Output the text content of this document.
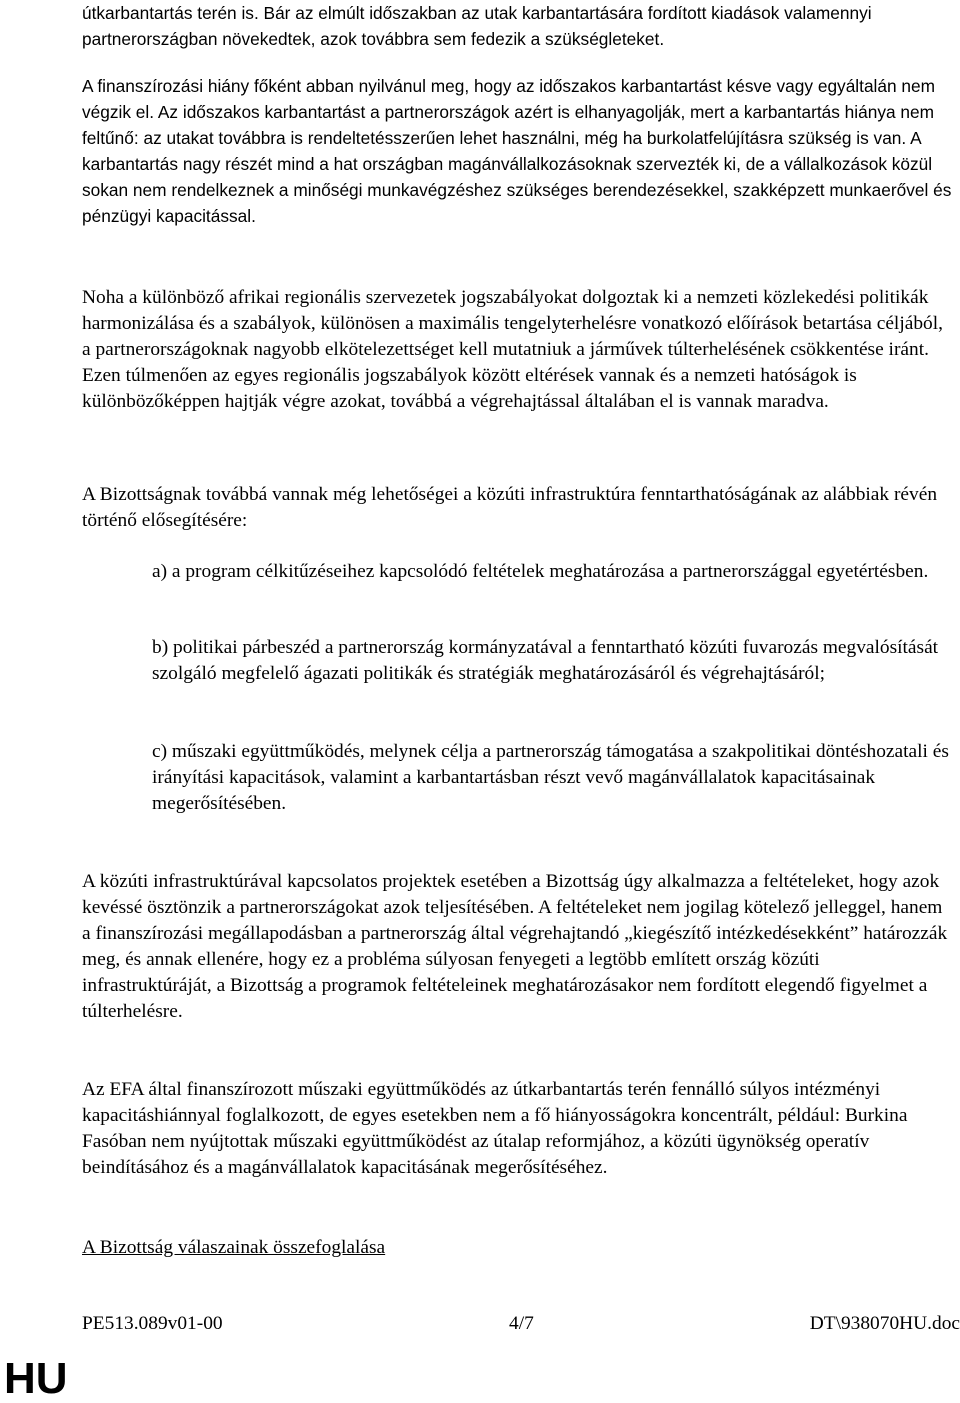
útkarbantartás terén is. Bár az elmúlt időszakban az utak karbantartására fordított kiadások valamennyi partnerországban növekedtek, azok továbbra sem fedezik a szükségleteket.

A finanszírozási hiány főként abban nyilvánul meg, hogy az időszakos karbantartást késve vagy egyáltalán nem végzik el. Az időszakos karbantartást a partnerországok azért is elhanyagolják, mert a karbantartás hiánya nem feltűnő: az utakat továbbra is rendeltetésszerűen lehet használni, még ha burkolatfelújításra szükség is van. A karbantartás nagy részét mind a hat országban magánvállalkozásoknak szervezték ki, de a vállalkozások közül sokan nem rendelkeznek a minőségi munkavégzéshez szükséges berendezésekkel, szakképzett munkaerővel és pénzügyi kapacitással.

Noha a különböző afrikai regionális szervezetek jogszabályokat dolgoztak ki a nemzeti közlekedési politikák harmonizálása és a szabályok, különösen a maximális tengelyterhelésre vonatkozó előírások betartása céljából, a partnerországoknak nagyobb elkötelezettséget kell mutatniuk a járművek túlterhelésének csökkentése iránt. Ezen túlmenően az egyes regionális jogszabályok között eltérések vannak és a nemzeti hatóságok is különbözőképpen hajtják végre azokat, továbbá a végrehajtással általában el is vannak maradva.

A Bizottságnak továbbá vannak még lehetőségei a közúti infrastruktúra fenntarthatóságának az alábbiak révén történő elősegítésére:

a) a program célkitűzéseihez kapcsolódó feltételek meghatározása a partnerországgal egyetértésben.

b) politikai párbeszéd a partnerország kormányzatával a fenntartható közúti fuvarozás megvalósítását szolgáló megfelelő ágazati politikák és stratégiák meghatározásáról és végrehajtásáról;

c) műszaki együttműködés, melynek célja a partnerország támogatása a szakpolitikai döntéshozatali és irányítási kapacitások, valamint a karbantartásban részt vevő magánvállalatok kapacitásainak megerősítésében.

A közúti infrastruktúrával kapcsolatos projektek esetében a Bizottság úgy alkalmazza a feltételeket, hogy azok kevéssé ösztönzik a partnerországokat azok teljesítésében. A feltételeket nem jogilag kötelező jelleggel, hanem a finanszírozási megállapodásban a partnerország által végrehajtandó „kiegészítő intézkedésekként” határozzák meg, és annak ellenére, hogy ez a probléma súlyosan fenyegeti a legtöbb említett ország közúti infrastruktúráját, a Bizottság a programok feltételeinek meghatározásakor nem fordított elegendő figyelmet a túlterhelésre.

Az EFA által finanszírozott műszaki együttműködés az útkarbantartás terén fennálló súlyos intézményi kapacitáshiánnyal foglalkozott, de egyes esetekben nem a fő hiányosságokra koncentrált, például: Burkina Fasóban nem nyújtottak műszaki együttműködést az útalap reformjához, a közúti ügynökség operatív beindításához és a magánvállalatok kapacitásának megerősítéséhez.

A Bizottság válaszainak összefoglalása

PE513.089v01-00	4/7	DT\938070HU.doc
HU
